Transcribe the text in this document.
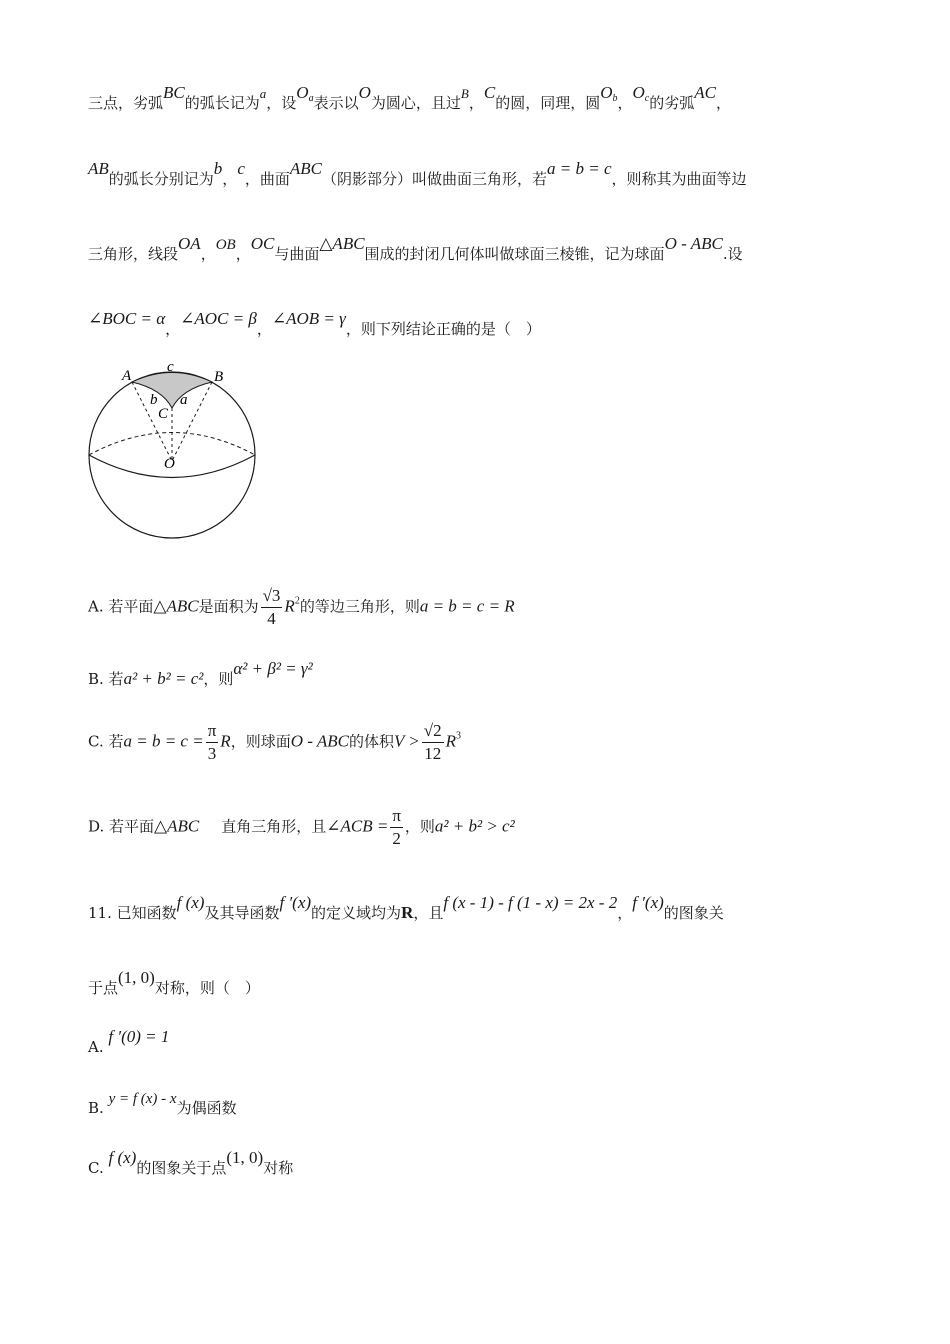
三点，劣弧BC的弧长记为a，设$O^a$表示以O为圆心，且过B，C的圆，同理，圆$O^b$，$O^c$的劣弧AC，
AB的弧长分别记为b，c，曲面ABC（阴影部分）叫做曲面三角形，若a = b = c，则称其为曲面等边
三角形，线段OA，OB，OC与曲面△ABC围成的封闭几何体叫做球面三棱锥，记为球面O - ABC.设
∠BOC = α，∠AOC = β，∠AOB = γ，则下列结论正确的是（　）
A	B
c
b a
C
O
A. 若平面△ABC是面积为 $\frac{√3}{4} R^2$的等边三角形，则a = b = c = R
B. 若a² + b² = c²，则α² + β² = γ²
C. 若$a = b = c = \frac{\pi}{3}$ R，则球面O - ABC的体积$V > \frac{√2}{12} R^3$
D. 若平面△ABC 直角三角形，且∠ACB = $\frac{\pi}{2}$ ，则a² + b² > c²
11. 已知函数f (x)及其导函数f ′(x)的定义域均为R，且f (x - 1) - f (1 - x) = 2x - 2，f ′(x)的图象关
于点(1, 0)对称，则（　）
A. f ′(0) = 1
B. y = f (x) - x为偶函数
C. f (x)的图象关于点(1, 0)对称
